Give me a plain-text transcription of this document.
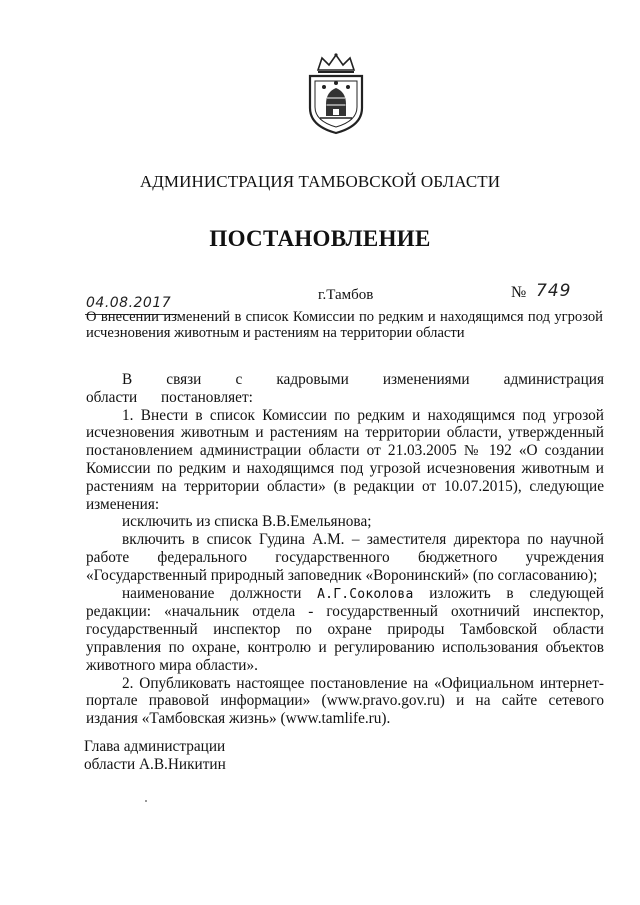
АДМИНИСТРАЦИЯ ТАМБОВСКОЙ ОБЛАСТИ
ПОСТАНОВЛЕНИЕ
04.08.2017	г.Тамбов	№ 749
О внесении изменений в список Комиссии по редким и находящимся под угрозой исчезновения животным и растениям на территории области

В связи с кадровыми изменениями администрация области постановляет:

1. Внести в список Комиссии по редким и находящимся под угрозой исчезновения животным и растениям на территории области, утвержденный постановлением администрации области от 21.03.2005 № 192 «О создании Комиссии по редким и находящимся под угрозой исчезновения животным и растениям на территории области» (в редакции от 10.07.2015), следующие изменения:

исключить из списка В.В.Емельянова;

включить в список Гудина А.М. – заместителя директора по научной работе федерального государственного бюджетного учреждения «Государственный природный заповедник «Воронинский» (по согласованию);

наименование должности А.Г.Соколова изложить в следующей редакции: «начальник отдела - государственный охотничий инспектор, государственный инспектор по охране природы Тамбовской области управления по охране, контролю и регулированию использования объектов животного мира области».

2. Опубликовать настоящее постановление на «Официальном интернет-портале правовой информации» (www.pravo.gov.ru) и на сайте сетевого издания «Тамбовская жизнь» (www.tamlife.ru).

Глава администрации
области А.В.Никитин
